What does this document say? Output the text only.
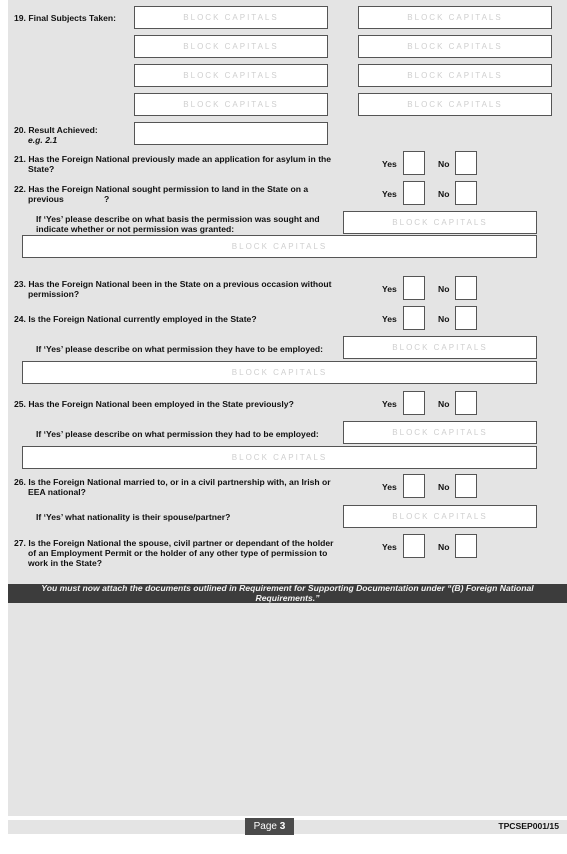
19. Final Subjects Taken:	BLOCK CAPITALS	BLOCK CAPITALS
BLOCK CAPITALS	BLOCK CAPITALS
BLOCK CAPITALS	BLOCK CAPITALS
BLOCK CAPITALS	BLOCK CAPITALS
20. Result Achieved:
e.g. 2.1
21. Has the Foreign National previously made an application for asylum in the
State?	Yes	No
22. Has the Foreign National sought permission to land in the State on a
previous	?	Yes	No
If ‘Yes’ please describe on what basis the permission was sought and
indicate whether or not permission was granted:
BLOCK CAPITALS
BLOCK CAPITALS
23. Has the Foreign National been in the State on a previous occasion without
permission?	Yes	No
24. Is the Foreign National currently employed in the State?	Yes	No
If ‘Yes’ please describe on what permission they have to be employed:	BLOCK CAPITALS
BLOCK CAPITALS
25. Has the Foreign National been employed in the State previously?	Yes	No
If ‘Yes’ please describe on what permission they had to be employed:	BLOCK CAPITALS
BLOCK CAPITALS
26. Is the Foreign National married to, or in a civil partnership with, an Irish or
EEA national?	Yes	No
If ‘Yes’ what nationality is their spouse/partner?	BLOCK CAPITALS
27. Is the Foreign National the spouse, civil partner or dependant of the holder
of an Employment Permit or the holder of any other type of permission to
work in the State?
Yes	No
You must now attach the documents outlined in Requirement for Supporting Documentation under “(B) Foreign National
Requirements.”
Page 3	TPCSEP001/15
